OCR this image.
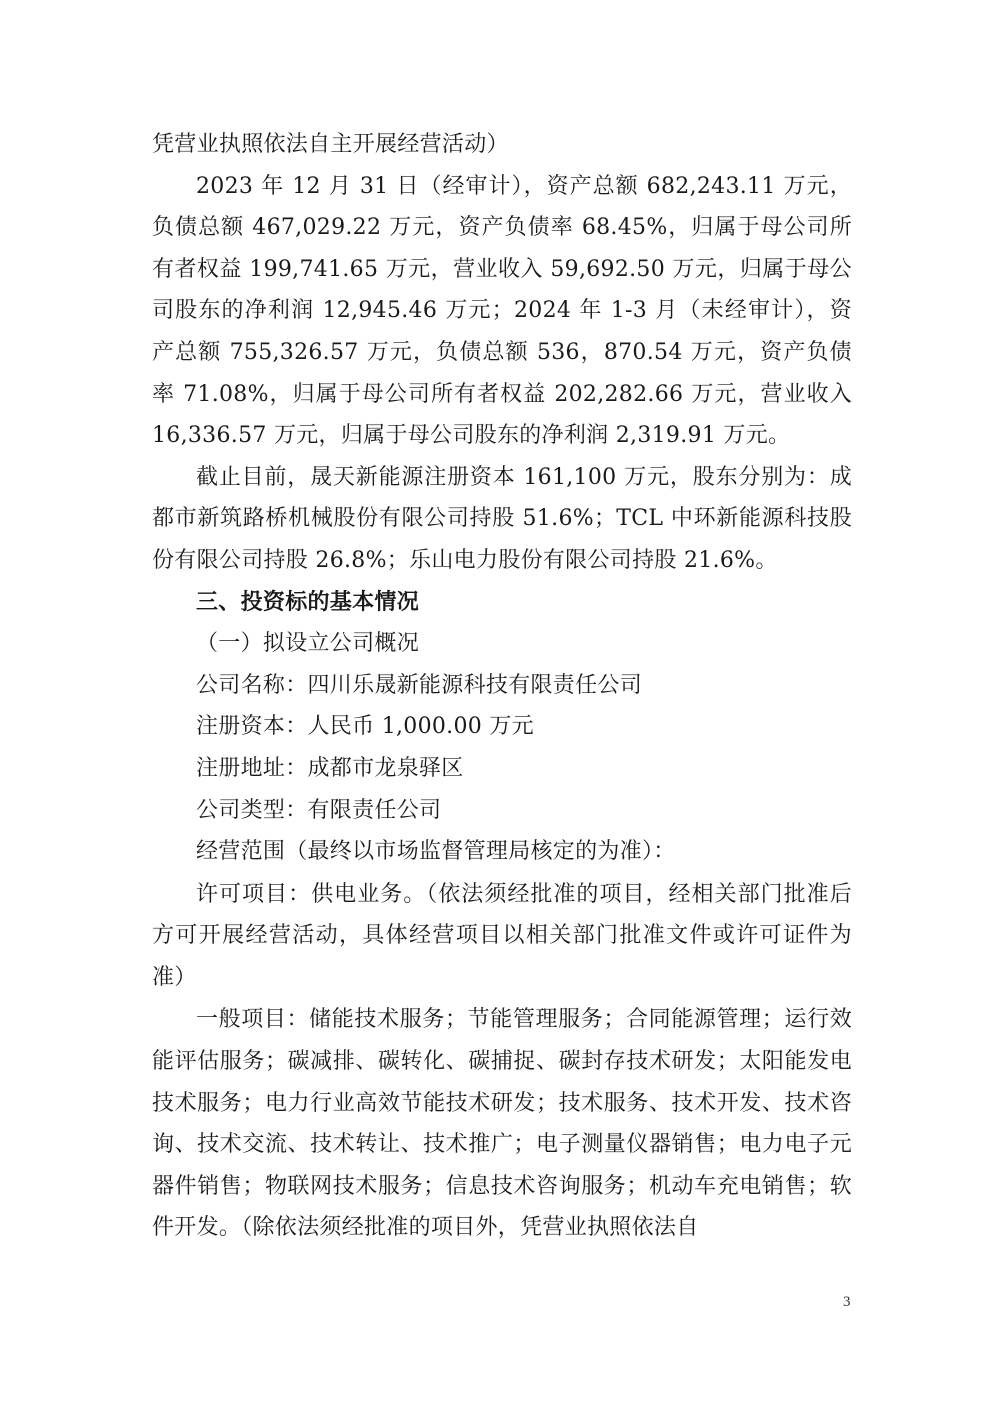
凭营业执照依法自主开展经营活动）

2023 年 12 月 31 日（经审计），资产总额 682,243.11 万元，负债总额 467,029.22 万元，资产负债率 68.45%，归属于母公司所有者权益 199,741.65 万元，营业收入 59,692.50 万元，归属于母公司股东的净利润 12,945.46 万元；2024 年 1-3 月（未经审计），资产总额 755,326.57 万元，负债总额 536，870.54 万元，资产负债率 71.08%，归属于母公司所有者权益 202,282.66 万元，营业收入 16,336.57 万元，归属于母公司股东的净利润 2,319.91 万元。

截止目前，晟天新能源注册资本 161,100 万元，股东分别为：成都市新筑路桥机械股份有限公司持股 51.6%；TCL 中环新能源科技股份有限公司持股 26.8%；乐山电力股份有限公司持股 21.6%。

三、投资标的基本情况

（一）拟设立公司概况

公司名称：四川乐晟新能源科技有限责任公司

注册资本：人民币 1,000.00 万元

注册地址：成都市龙泉驿区

公司类型：有限责任公司

经营范围（最终以市场监督管理局核定的为准）：

许可项目：供电业务。（依法须经批准的项目，经相关部门批准后方可开展经营活动，具体经营项目以相关部门批准文件或许可证件为准）

一般项目：储能技术服务；节能管理服务；合同能源管理；运行效能评估服务；碳减排、碳转化、碳捕捉、碳封存技术研发；太阳能发电技术服务；电力行业高效节能技术研发；技术服务、技术开发、技术咨询、技术交流、技术转让、技术推广；电子测量仪器销售；电力电子元器件销售；物联网技术服务；信息技术咨询服务；机动车充电销售；软件开发。（除依法须经批准的项目外，凭营业执照依法自

3
